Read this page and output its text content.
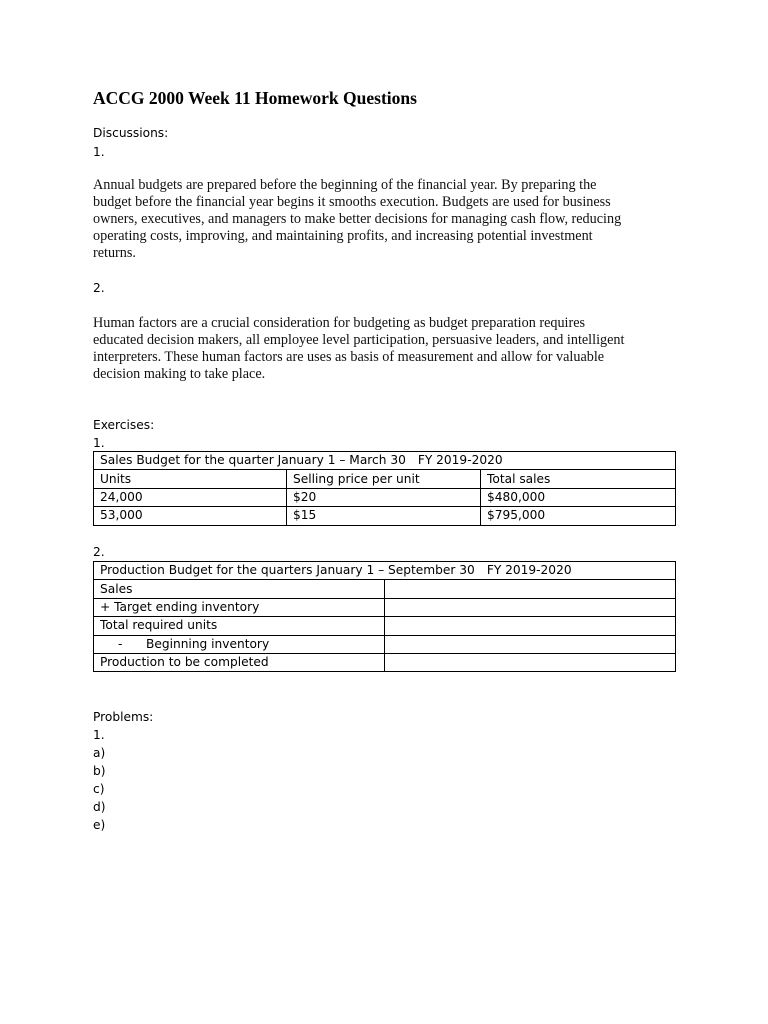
ACCG 2000 Week 11 Homework Questions
Discussions:
1.
Annual budgets are prepared before the beginning of the financial year. By preparing the
budget before the financial year begins it smooths execution. Budgets are used for business
owners, executives, and managers to make better decisions for managing cash flow, reducing
operating costs, improving, and maintaining profits, and increasing potential investment
returns.
2.
Human factors are a crucial consideration for budgeting as budget preparation requires
educated decision makers, all employee level participation, persuasive leaders, and intelligent
interpreters. These human factors are uses as basis of measurement and allow for valuable
decision making to take place.
Exercises:
1.
Sales Budget for the quarter January 1 – March 30 FY 2019-2020		
Units	Selling price per unit	Total sales
24,000	$20	$480,000
53,000	$15	$795,000
2.
Production Budget for the quarters January 1 – September 30 FY 2019-2020	
Sales	
+ Target ending inventory	
Total required units	
- Beginning inventory	
Production to be completed	
Problems:
1.
a)
b)
c)
d)
e)
